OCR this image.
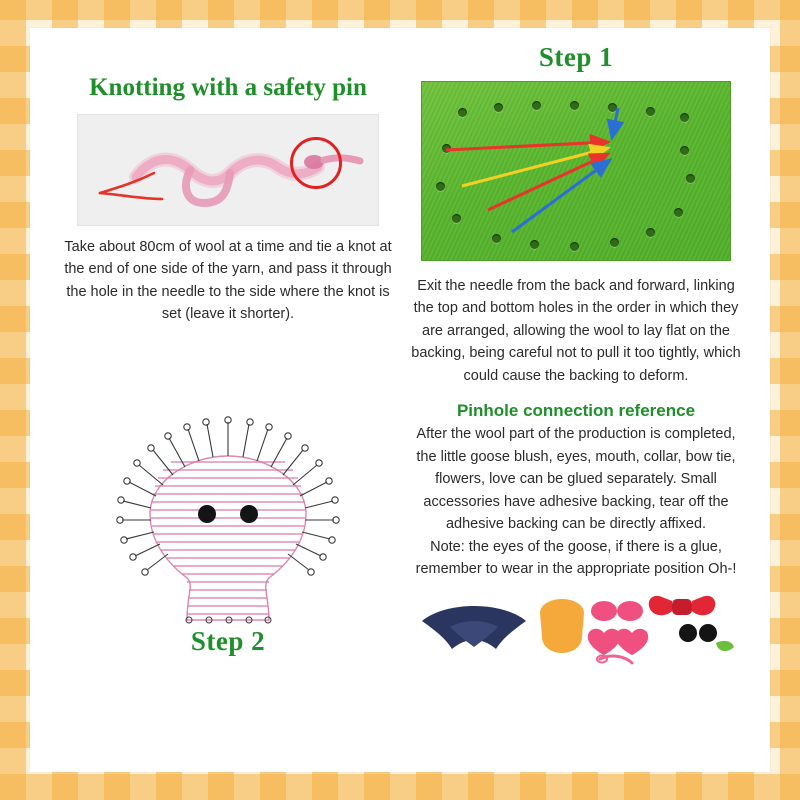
Knotting with a safety pin
Take about 80cm of wool at a time and tie a knot at the end of one side of the yarn, and pass it through the hole in the needle to the side where the knot is set (leave it shorter).
Step 2
Step 1
Exit the needle from the back and forward, linking the top and bottom holes in the order in which they are arranged, allowing the wool to lay flat on the backing, being careful not to pull it too tightly, which could cause the backing to deform.
Pinhole connection reference
After the wool part of the production is completed, the little goose blush, eyes, mouth, collar, bow tie, flowers, love can be glued separately. Small accessories have adhesive backing, tear off the adhesive backing can be directly affixed.
Note: the eyes of the goose, if there is a glue, remember to wear in the appropriate position Oh-!
